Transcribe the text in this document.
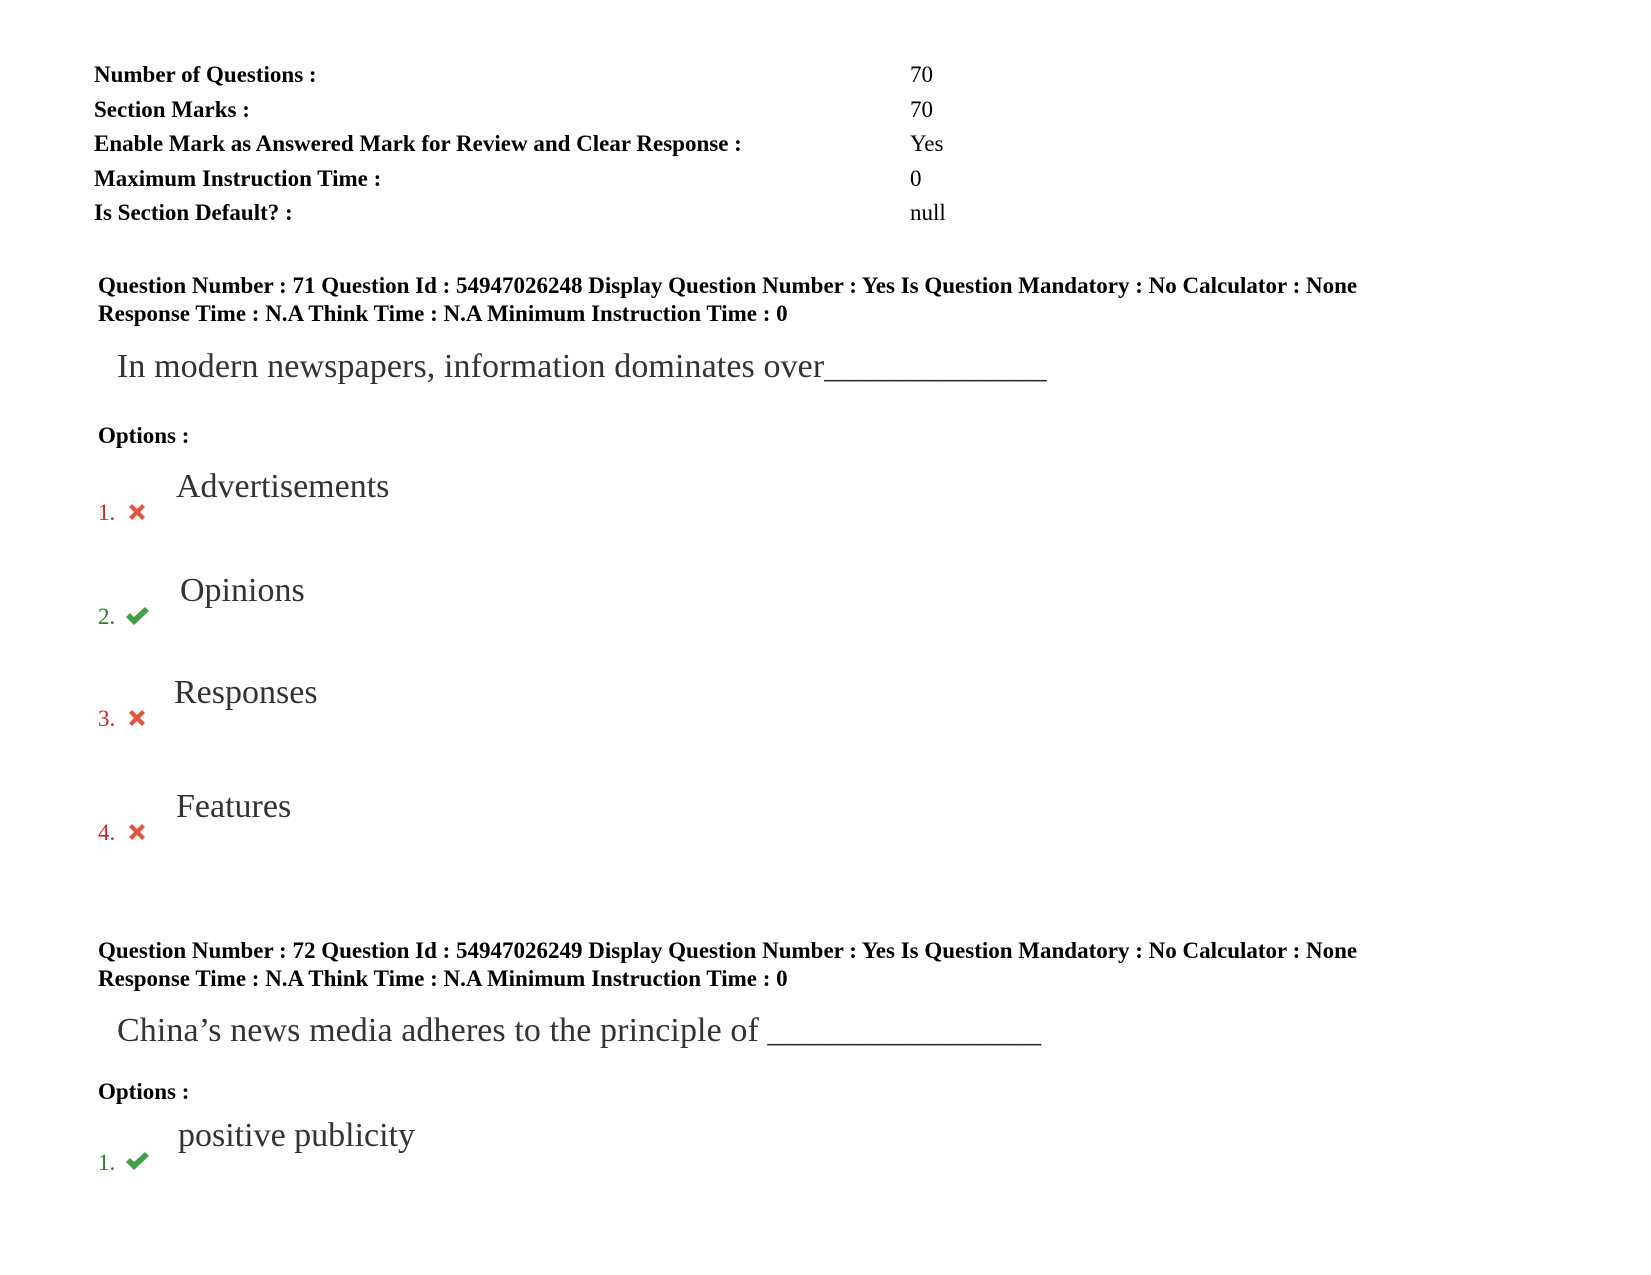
Number of Questions :	70
Section Marks :	70
Enable Mark as Answered Mark for Review and Clear Response :	Yes
Maximum Instruction Time :	0
Is Section Default? :	null

Question Number : 71 Question Id : 54947026248 Display Question Number : Yes Is Question Mandatory : No Calculator : None

Response Time : N.A Think Time : N.A Minimum Instruction Time : 0

In modern newspapers, information dominates over_____________

Options :

1.
Advertisements
2.
Opinions
3.
Responses
4.
Features

Question Number : 72 Question Id : 54947026249 Display Question Number : Yes Is Question Mandatory : No Calculator : None

Response Time : N.A Think Time : N.A Minimum Instruction Time : 0

China’s news media adheres to the principle of ________________

Options :

1.
positive publicity
